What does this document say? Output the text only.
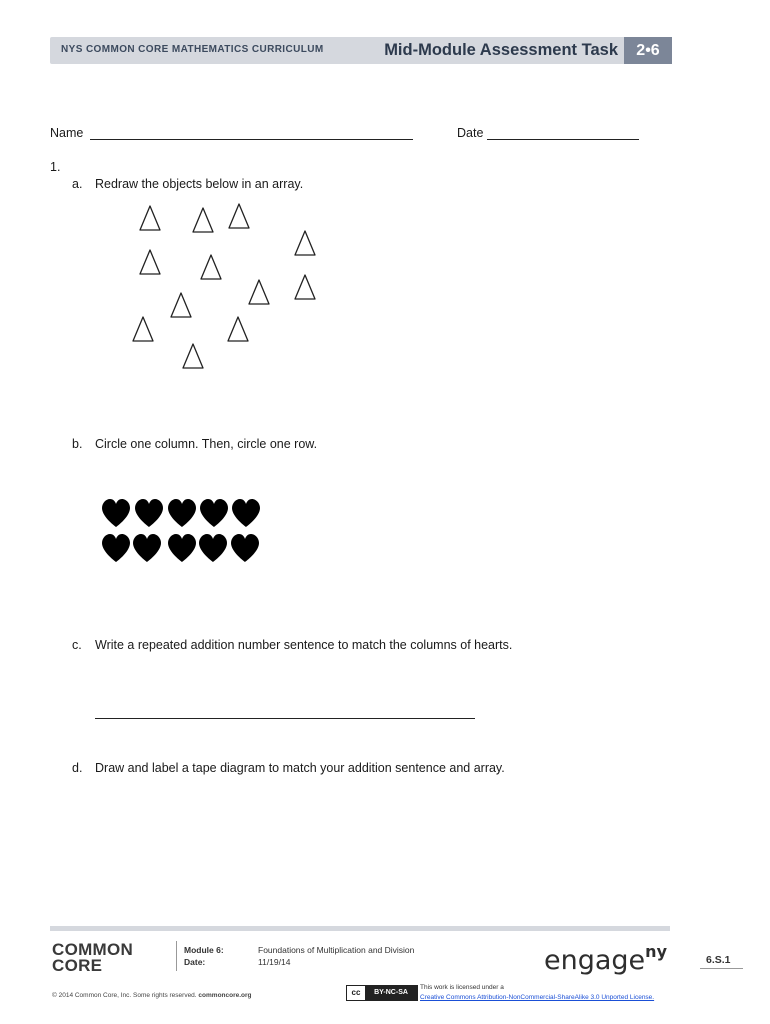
NYS COMMON CORE MATHEMATICS CURRICULUM	Mid-Module Assessment Task	2•6
Name	Date
1.
a. Redraw the objects below in an array.
b. Circle one column. Then, circle one row.
c. Write a repeated addition number sentence to match the columns of hearts.
d. Draw and label a tape diagram to match your addition sentence and array.
COMMON
CORE
Module 6:
Date:
Foundations of Multiplication and Division
11/19/14	engage$^{ny}$	6.S.1
© 2014 Common Core, Inc. Some rights reserved. commoncore.org	cc	BY-NC-SA
This work is licensed under a
Creative Commons Attribution-NonCommercial-ShareAlike 3.0 Unported License.
